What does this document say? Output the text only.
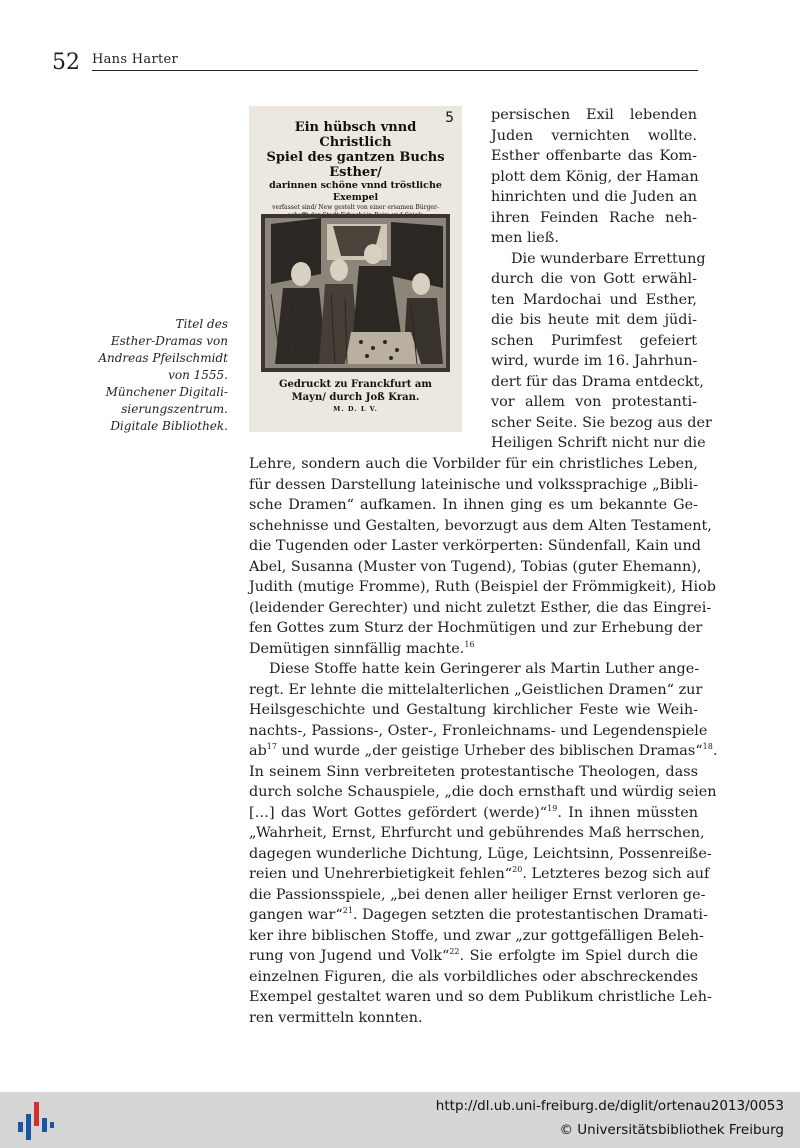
52 Hans Harter
5
Ein hübsch vnnd Christlich
Spiel des gantzen Buchs Esther/
darinnen schöne vnnd tröstliche Exempel
verfasset sind/ New gestelt von einer ersamen Bürger-
Gedruckt zu Franckfurt am
Mayn/ durch Joß Kran.
M. D. L V.
Titel des
Esther-Dramas von
Andreas Pfeilschmidt
von 1555.
Münchener Digitali-
sierungszentrum.
Digitale Bibliothek.
persischen Exil lebenden
Juden vernichten wollte.
Esther offenbarte das Kom-
plott dem König, der Haman
hinrichten und die Juden an
ihren Feinden Rache neh-
men ließ.
Die wunderbare Errettung
durch die von Gott erwähl-
ten Mardochai und Esther,
die bis heute mit dem jüdi-
schen Purimfest gefeiert
wird, wurde im 16. Jahrhun-
dert für das Drama entdeckt,
vor allem von protestanti-
scher Seite. Sie bezog aus der
Heiligen Schrift nicht nur die
Lehre, sondern auch die Vorbilder für ein christliches Leben,
für dessen Darstellung lateinische und volkssprachige „Bibli-
sche Dramen“ aufkamen. In ihnen ging es um bekannte Ge-
schehnisse und Gestalten, bevorzugt aus dem Alten Testament,
die Tugenden oder Laster verkörperten: Sündenfall, Kain und
Abel, Susanna (Muster von Tugend), Tobias (guter Ehemann),
Judith (mutige Fromme), Ruth (Beispiel der Frömmigkeit), Hiob
(leidender Gerechter) und nicht zuletzt Esther, die das Eingrei-
fen Gottes zum Sturz der Hochmütigen und zur Erhebung der
Demütigen sinnfällig machte.$^{16}$
Diese Stoffe hatte kein Geringerer als Martin Luther ange-
regt. Er lehnte die mittelalterlichen „Geistlichen Dramen“ zur
Heilsgeschichte und Gestaltung kirchlicher Feste wie Weih-
nachts-, Passions-, Oster-, Fronleichnams- und Legendenspiele
$ab^{17}$ und wurde „der geistige Urheber des biblischen Dramas“$^{18}$.
In seinem Sinn verbreiteten protestantische Theologen, dass
durch solche Schauspiele, „die doch ernsthaft und würdig seien
[…] das Wort Gottes gefördert (werde)“$^{19}$. In ihnen müssten
„Wahrheit, Ernst, Ehrfurcht und gebührendes Maß herrschen,
dagegen wunderliche Dichtung, Lüge, Leichtsinn, Possenreiße-
reien und Unehrerbietigkeit fehlen“$^{20}$. Letzteres bezog sich auf
die Passionsspiele, „bei denen aller heiliger Ernst verloren ge-
gangen war“$^{21}$. Dagegen setzten die protestantischen Dramati-
ker ihre biblischen Stoffe, und zwar „zur gottgefälligen Beleh-
rung von Jugend und Volk“$^{22}$. Sie erfolgte im Spiel durch die
einzelnen Figuren, die als vorbildliches oder abschreckendes
Exempel gestaltet waren und so dem Publikum christliche Leh-
ren vermitteln konnten.
http://dl.ub.uni-freiburg.de/diglit/ortenau2013/0053
© Universitätsbibliothek Freiburg
